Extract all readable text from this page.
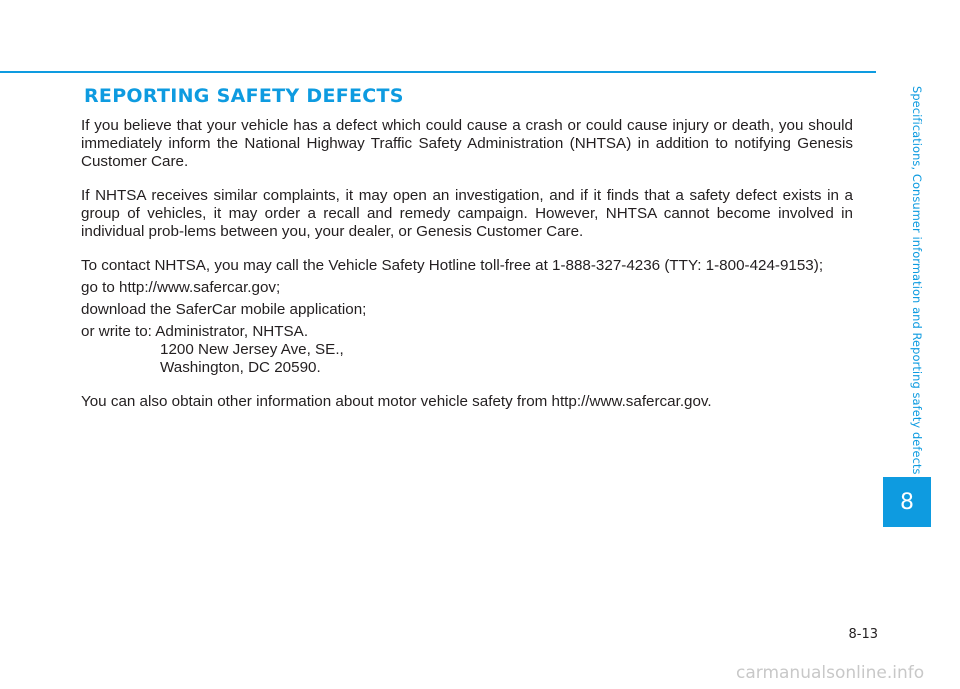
REPORTING SAFETY DEFECTS

If you believe that your vehicle has a defect which could cause a crash or could cause injury or death, you should immediately inform the National Highway Traffic Safety Administration (NHTSA) in addition to notifying Genesis Customer Care.

If NHTSA receives similar complaints, it may open an investigation, and if it finds that a safety defect exists in a group of vehicles, it may order a recall and remedy campaign. However, NHTSA cannot become involved in individual prob-lems between you, your dealer, or Genesis Customer Care.

To contact NHTSA, you may call the Vehicle Safety Hotline toll-free at 1-888-327-4236 (TTY: 1-800-424-9153);

go to http://www.safercar.gov;

download the SaferCar mobile application;

or write to: Administrator, NHTSA.

1200 New Jersey Ave, SE.,

Washington, DC 20590.

You can also obtain other information about motor vehicle safety from http://www.safercar.gov.	Specifications, Consumer information and Reporting safety defects
8
8-13
carmanualsonline.info
